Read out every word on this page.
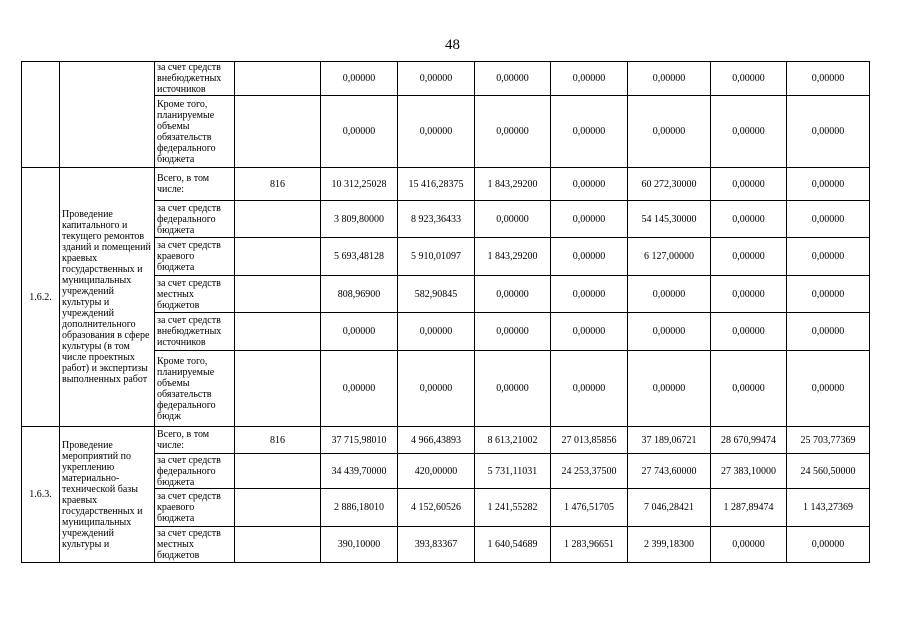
48
		за счет средств внебюджетных источников		0,00000	0,00000	0,00000	0,00000	0,00000	0,00000	0,00000
		Кроме того, планируемые объемы обязательств федерального бюджета		0,00000	0,00000	0,00000	0,00000	0,00000	0,00000	0,00000
1.6.2.	Проведение капитального и текущего ремонтов зданий и помещений краевых государственных и муниципальных учреждений культуры и учреждений дополнительного образования в сфере культуры (в том числе проектных работ) и экспертизы выполненных работ	Всего, в том числе:	816	10 312,25028	15 416,28375	1 843,29200	0,00000	60 272,30000	0,00000	0,00000
		за счет средств федерального бюджета		3 809,80000	8 923,36433	0,00000	0,00000	54 145,30000	0,00000	0,00000
		за счет средств краевого бюджета		5 693,48128	5 910,01097	1 843,29200	0,00000	6 127,00000	0,00000	0,00000
		за счет средств местных бюджетов		808,96900	582,90845	0,00000	0,00000	0,00000	0,00000	0,00000
		за счет средств внебюджетных источников		0,00000	0,00000	0,00000	0,00000	0,00000	0,00000	0,00000
		Кроме того, планируемые объемы обязательств федерального бюдж		0,00000	0,00000	0,00000	0,00000	0,00000	0,00000	0,00000
1.6.3.	Проведение мероприятий по укреплению материально-технической базы краевых государственных и муниципальных учреждений культуры и	Всего, в том числе:	816	37 715,98010	4 966,43893	8 613,21002	27 013,85856	37 189,06721	28 670,99474	25 703,77369
		за счет средств федерального бюджета		34 439,70000	420,00000	5 731,11031	24 253,37500	27 743,60000	27 383,10000	24 560,50000
		за счет средств краевого бюджета		2 886,18010	4 152,60526	1 241,55282	1 476,51705	7 046,28421	1 287,89474	1 143,27369
		за счет средств местных бюджетов		390,10000	393,83367	1 640,54689	1 283,96651	2 399,18300	0,00000	0,00000
